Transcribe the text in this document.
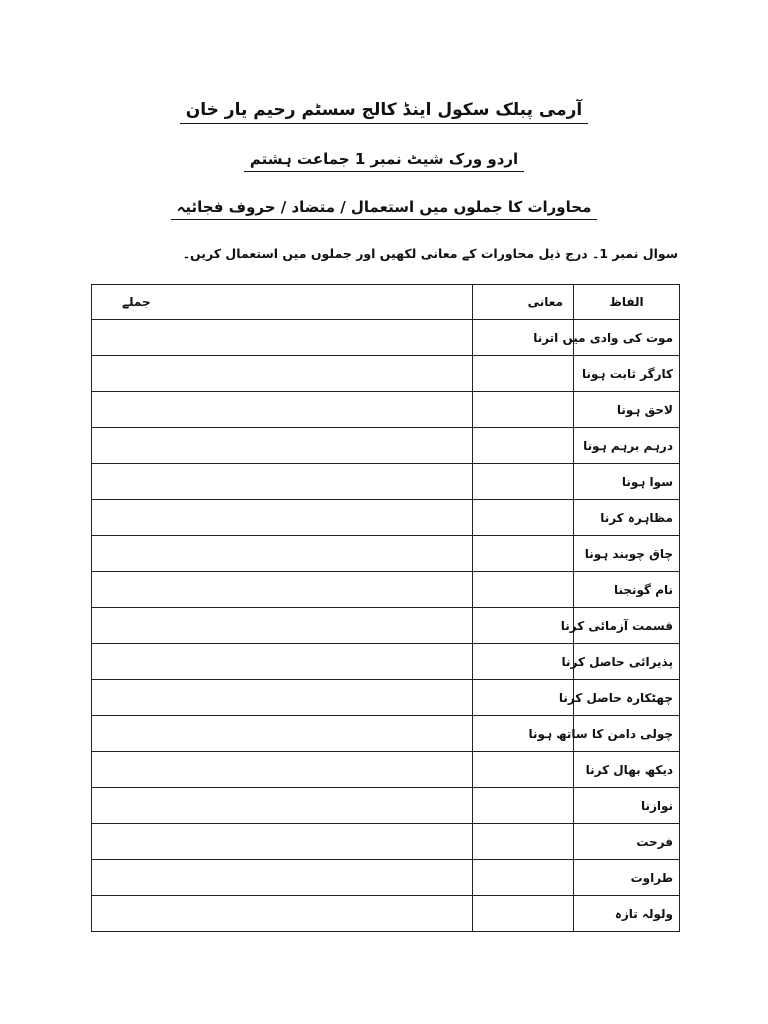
آرمی پبلک سکول اینڈ کالج سسٹم رحیم یار خان
اردو ورک شیٹ نمبر 1 جماعت ہشتم
محاورات کا جملوں میں استعمال / متضاد / حروف فجائیہ
سوال نمبر 1۔ درج ذیل محاورات کے معانی لکھیں اور جملوں میں استعمال کریں۔
الفاظ	معانی	جملے
موت کی وادی میں اترنا		
کارگر ثابت ہونا		
لاحق ہونا		
درہم برہم ہونا		
سوا ہونا		
مظاہرہ کرنا		
چاق چوبند ہونا		
نام گونجنا		
قسمت آزمائی کرنا		
پذیرائی حاصل کرنا		
چھٹکارہ حاصل کرنا		
چولی دامن کا ساتھ ہونا		
دیکھ بھال کرنا		
نوازنا		
فرحت		
طراوت		
ولولہ تازہ		
